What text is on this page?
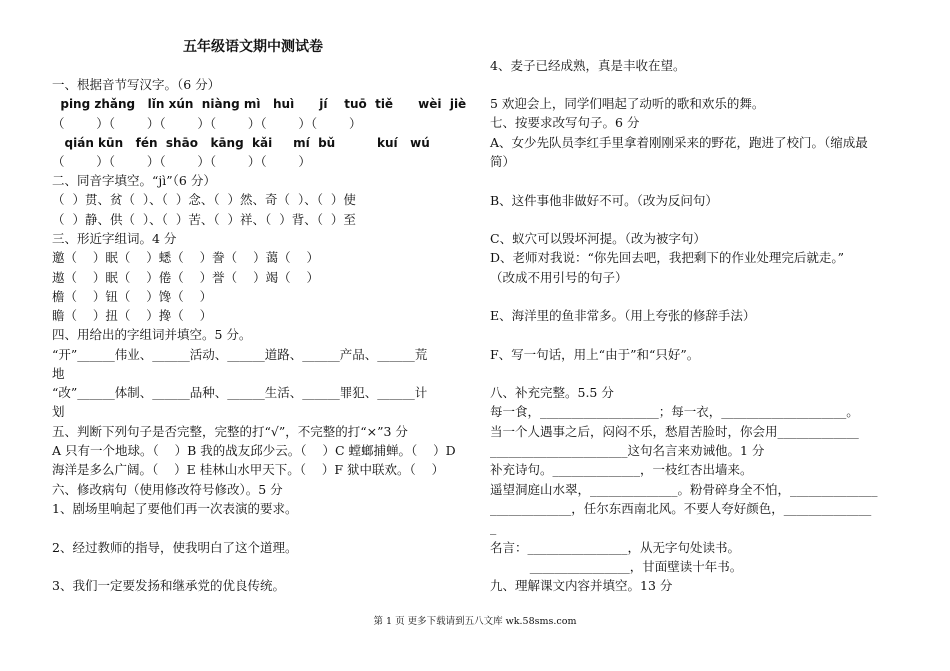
五年级语文期中测试卷
一、根据音节写汉字。（6 分）
ping zhǎng   lǐn xún  niàng mì   huì      jí    tuō  tiě      wèi  jiè
（        ）（        ）（        ）（        ）（        ）（        ）
qián kūn   fén  shāo   kāng  kǎi     mí  bǔ          kuí   wú
（        ）（        ）（        ）（        ）（        ）
二、同音字填空。“jì”（6 分）
（  ）贯、贫（  ）、（  ）念、（  ）然、奇（  ）、（  ）使
（  ）静、供（  ）、（  ）苦、（  ）祥、（  ）背、（  ）至
三、形近字组词。4 分
邀（    ）眠（    ）蟋（    ）誊（    ）蔼（    ）
遨（    ）眠（    ）倦（    ）誉（    ）竭（    ）
檐（    ）钮（    ）馋（    ）
瞻（    ）扭（    ）搀（    ）
四、用给出的字组词并填空。5 分。
“开”______伟业、______活动、______道路、______产品、______荒
地
“改”______体制、______品种、______生活、______罪犯、______计
划
五、判断下列句子是否完整，完整的打“√”，不完整的打“×”3 分
A 只有一个地球。（    ）B 我的战友邱少云。（    ）C 螳螂捕蝉。（    ）D
海洋是多么广阔。（    ）E 桂林山水甲天下。（    ）F 狱中联欢。（    ）
六、修改病句（使用修改符号修改）。5 分
1、剧场里响起了要他们再一次表演的要求。
2、经过教师的指导，使我明白了这个道理。
3、我们一定要发扬和继承党的优良传统。
4、麦子已经成熟，真是丰收在望。
5 欢迎会上，同学们唱起了动听的歌和欢乐的舞。
七、按要求改写句子。6 分
A、女少先队员李红手里拿着刚刚采来的野花，跑进了校门。（缩成最
简）
B、这件事他非做好不可。（改为反问句）
C、蚁穴可以毁坏河提。（改为被字句）
D、老师对我说：“你先回去吧，我把剩下的作业处理完后就走。”
（改成不用引号的句子）
E、海洋里的鱼非常多。（用上夸张的修辞手法）
F、写一句话，用上“由于”和“只好”。
八、补充完整。5.5 分
每一食，___________________；每一衣，____________________。
当一个人遇事之后，闷闷不乐，愁眉苦脸时，你会用_____________
______________________这句名言来劝诫他。1 分
补充诗句。______________，一枝红杏出墙来。
遥望洞庭山水翠，______________。粉骨碎身全不怕，______________
_____________，任尔东西南北风。不要人夸好颜色，______________
_
名言：________________，从无字句处读书。
________________，甘面壁读十年书。
九、理解课文内容并填空。13 分
第 1 页 更多下载请到五八文库 wk.58sms.com
